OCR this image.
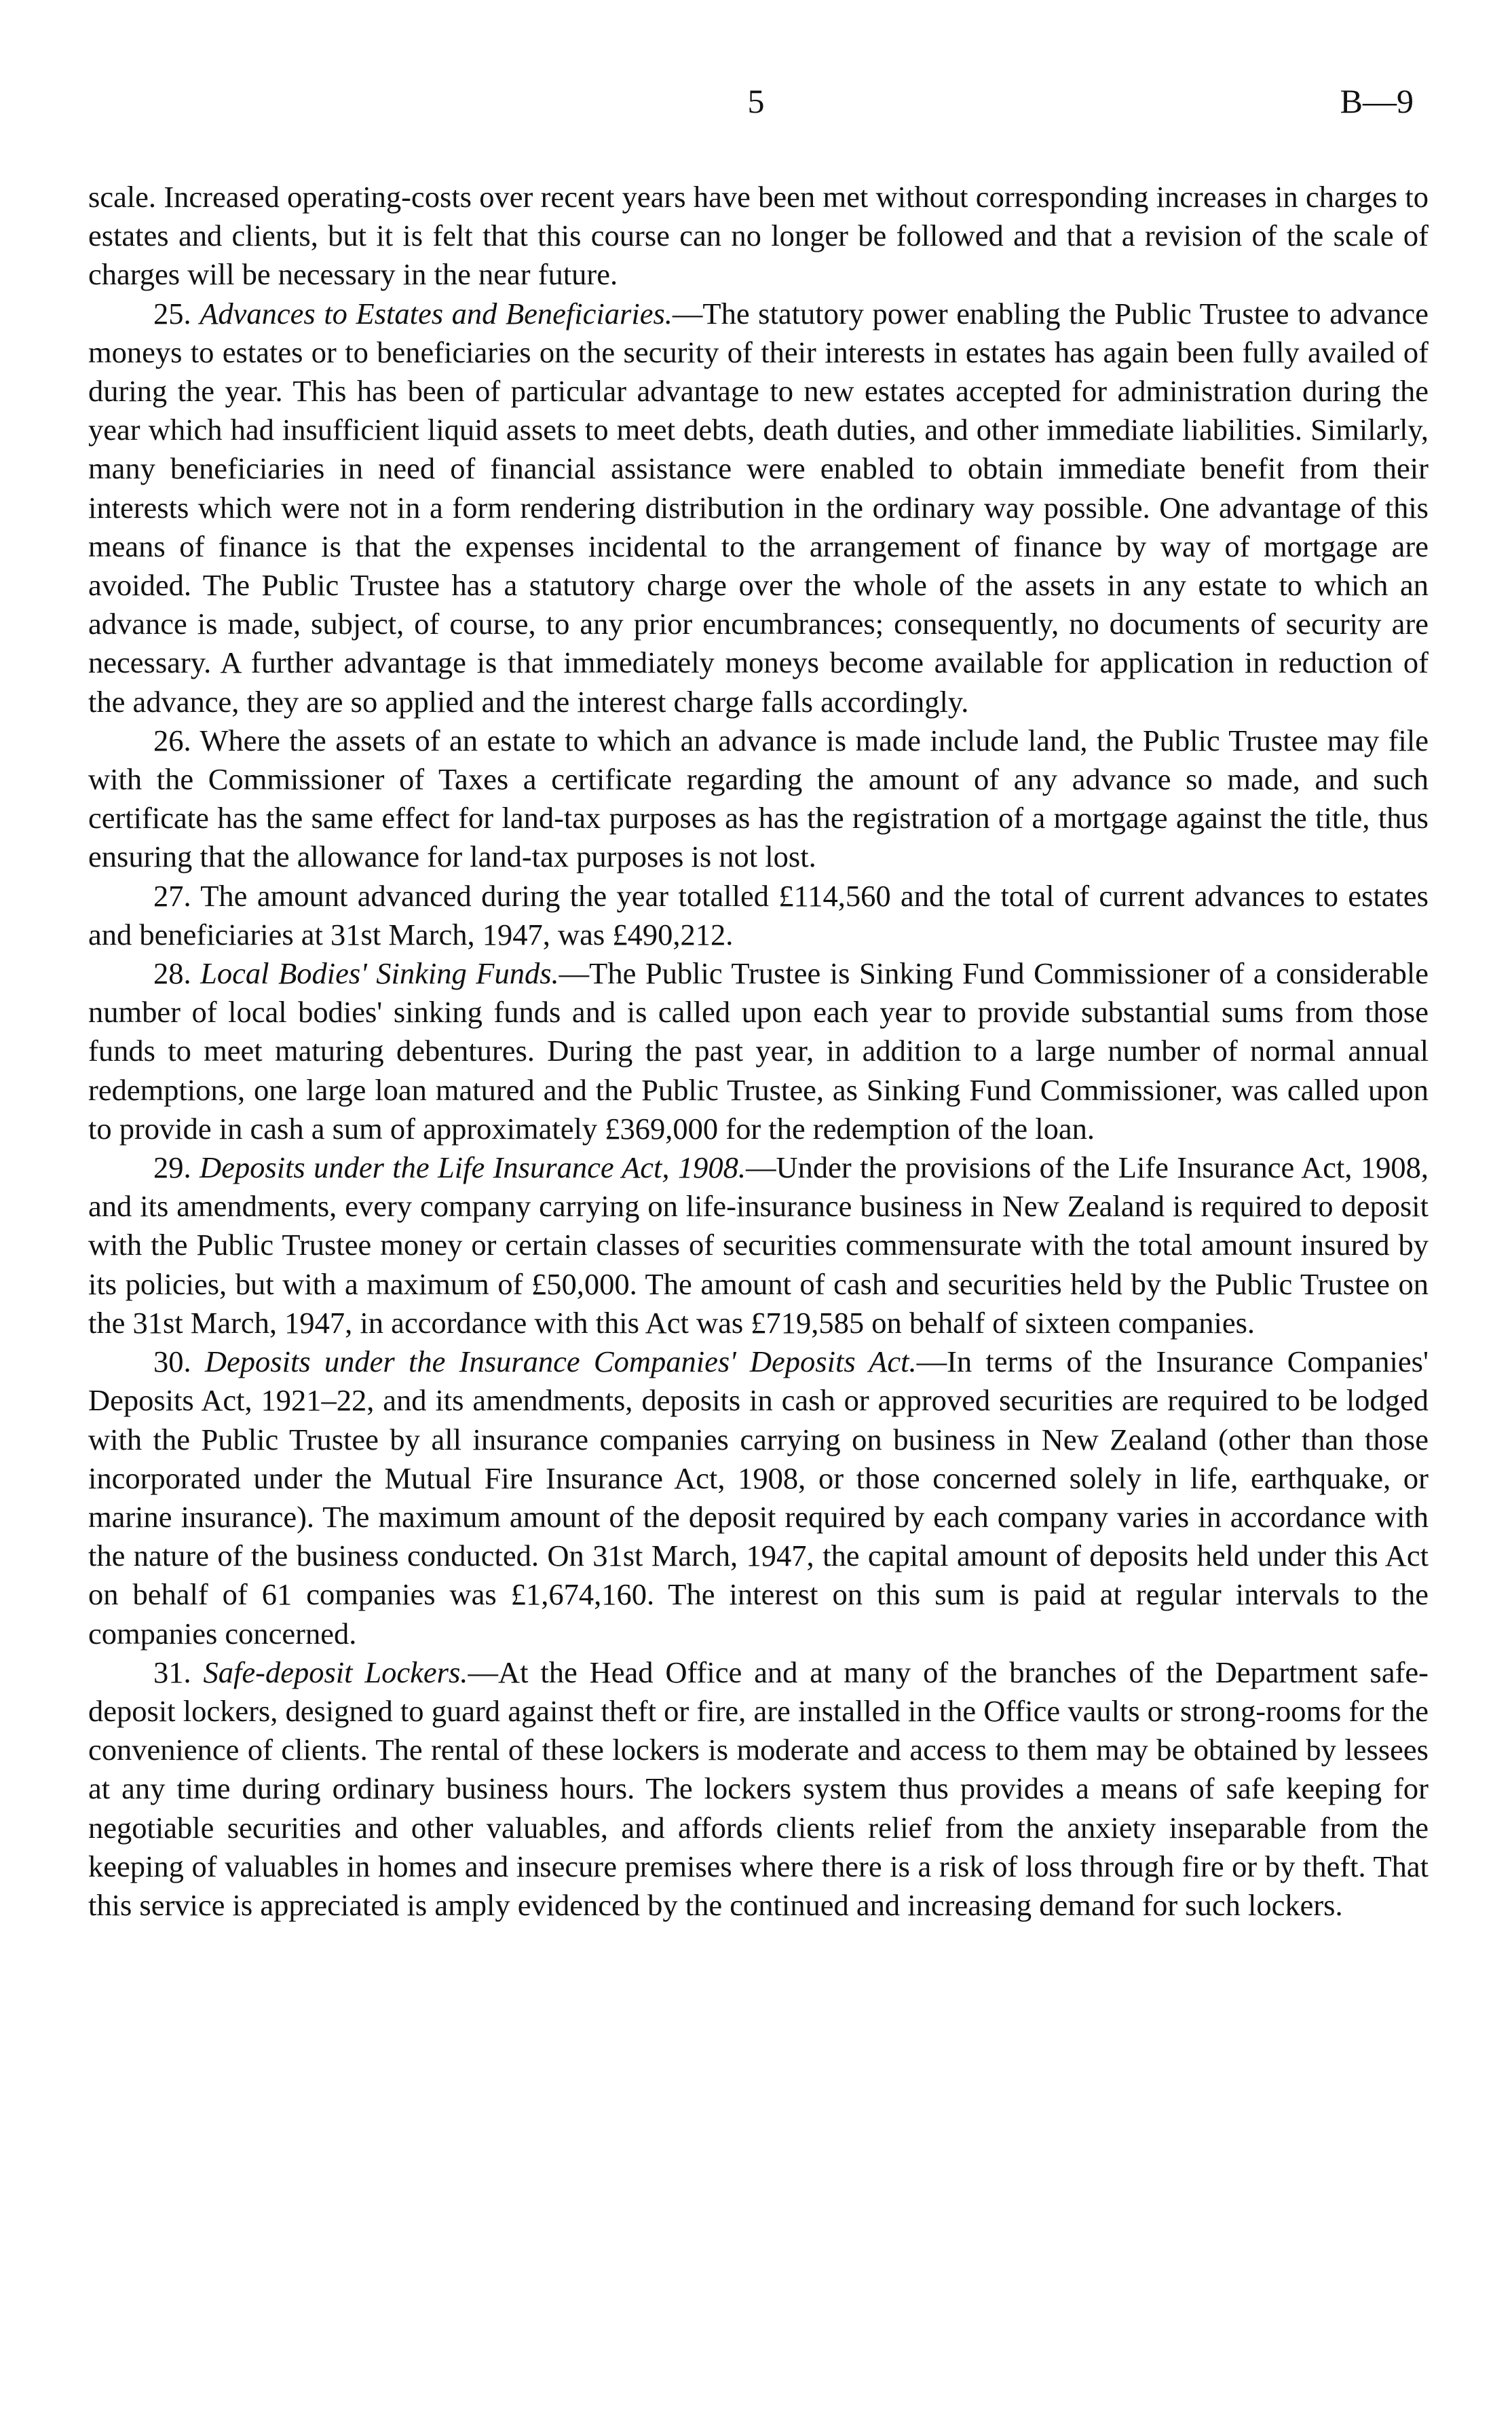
5	B—9

scale. Increased operating-costs over recent years have been met without corresponding increases in charges to estates and clients, but it is felt that this course can no longer be followed and that a revision of the scale of charges will be necessary in the near future.

25. Advances to Estates and Beneficiaries.—The statutory power enabling the Public Trustee to advance moneys to estates or to beneficiaries on the security of their interests in estates has again been fully availed of during the year. This has been of particular advantage to new estates accepted for administration during the year which had insufficient liquid assets to meet debts, death duties, and other immediate liabilities. Similarly, many beneficiaries in need of financial assistance were enabled to obtain immediate benefit from their interests which were not in a form rendering distribution in the ordinary way possible. One advantage of this means of finance is that the expenses incidental to the arrangement of finance by way of mortgage are avoided. The Public Trustee has a statutory charge over the whole of the assets in any estate to which an advance is made, subject, of course, to any prior encumbrances; consequently, no documents of security are necessary. A further advantage is that immediately moneys become available for application in reduction of the advance, they are so applied and the interest charge falls accordingly.

26. Where the assets of an estate to which an advance is made include land, the Public Trustee may file with the Commissioner of Taxes a certificate regarding the amount of any advance so made, and such certificate has the same effect for land-tax purposes as has the registration of a mortgage against the title, thus ensuring that the allowance for land-tax purposes is not lost.

27. The amount advanced during the year totalled £114,560 and the total of current advances to estates and beneficiaries at 31st March, 1947, was £490,212.

28. Local Bodies' Sinking Funds.—The Public Trustee is Sinking Fund Commissioner of a considerable number of local bodies' sinking funds and is called upon each year to provide substantial sums from those funds to meet maturing debentures. During the past year, in addition to a large number of normal annual redemptions, one large loan matured and the Public Trustee, as Sinking Fund Commissioner, was called upon to provide in cash a sum of approximately £369,000 for the redemption of the loan.

29. Deposits under the Life Insurance Act, 1908.—Under the provisions of the Life Insurance Act, 1908, and its amendments, every company carrying on life-insurance business in New Zealand is required to deposit with the Public Trustee money or certain classes of securities commensurate with the total amount insured by its policies, but with a maximum of £50,000. The amount of cash and securities held by the Public Trustee on the 31st March, 1947, in accordance with this Act was £719,585 on behalf of sixteen companies.

30. Deposits under the Insurance Companies' Deposits Act.—In terms of the Insurance Companies' Deposits Act, 1921–22, and its amendments, deposits in cash or approved securities are required to be lodged with the Public Trustee by all insurance companies carrying on business in New Zealand (other than those incorporated under the Mutual Fire Insurance Act, 1908, or those concerned solely in life, earthquake, or marine insurance). The maximum amount of the deposit required by each company varies in accordance with the nature of the business conducted. On 31st March, 1947, the capital amount of deposits held under this Act on behalf of 61 companies was £1,674,160. The interest on this sum is paid at regular intervals to the companies concerned.

31. Safe-deposit Lockers.—At the Head Office and at many of the branches of the Department safe-deposit lockers, designed to guard against theft or fire, are installed in the Office vaults or strong-rooms for the convenience of clients. The rental of these lockers is moderate and access to them may be obtained by lessees at any time during ordinary business hours. The lockers system thus provides a means of safe keeping for negotiable securities and other valuables, and affords clients relief from the anxiety inseparable from the keeping of valuables in homes and insecure premises where there is a risk of loss through fire or by theft. That this service is appreciated is amply evidenced by the continued and increasing demand for such lockers.
